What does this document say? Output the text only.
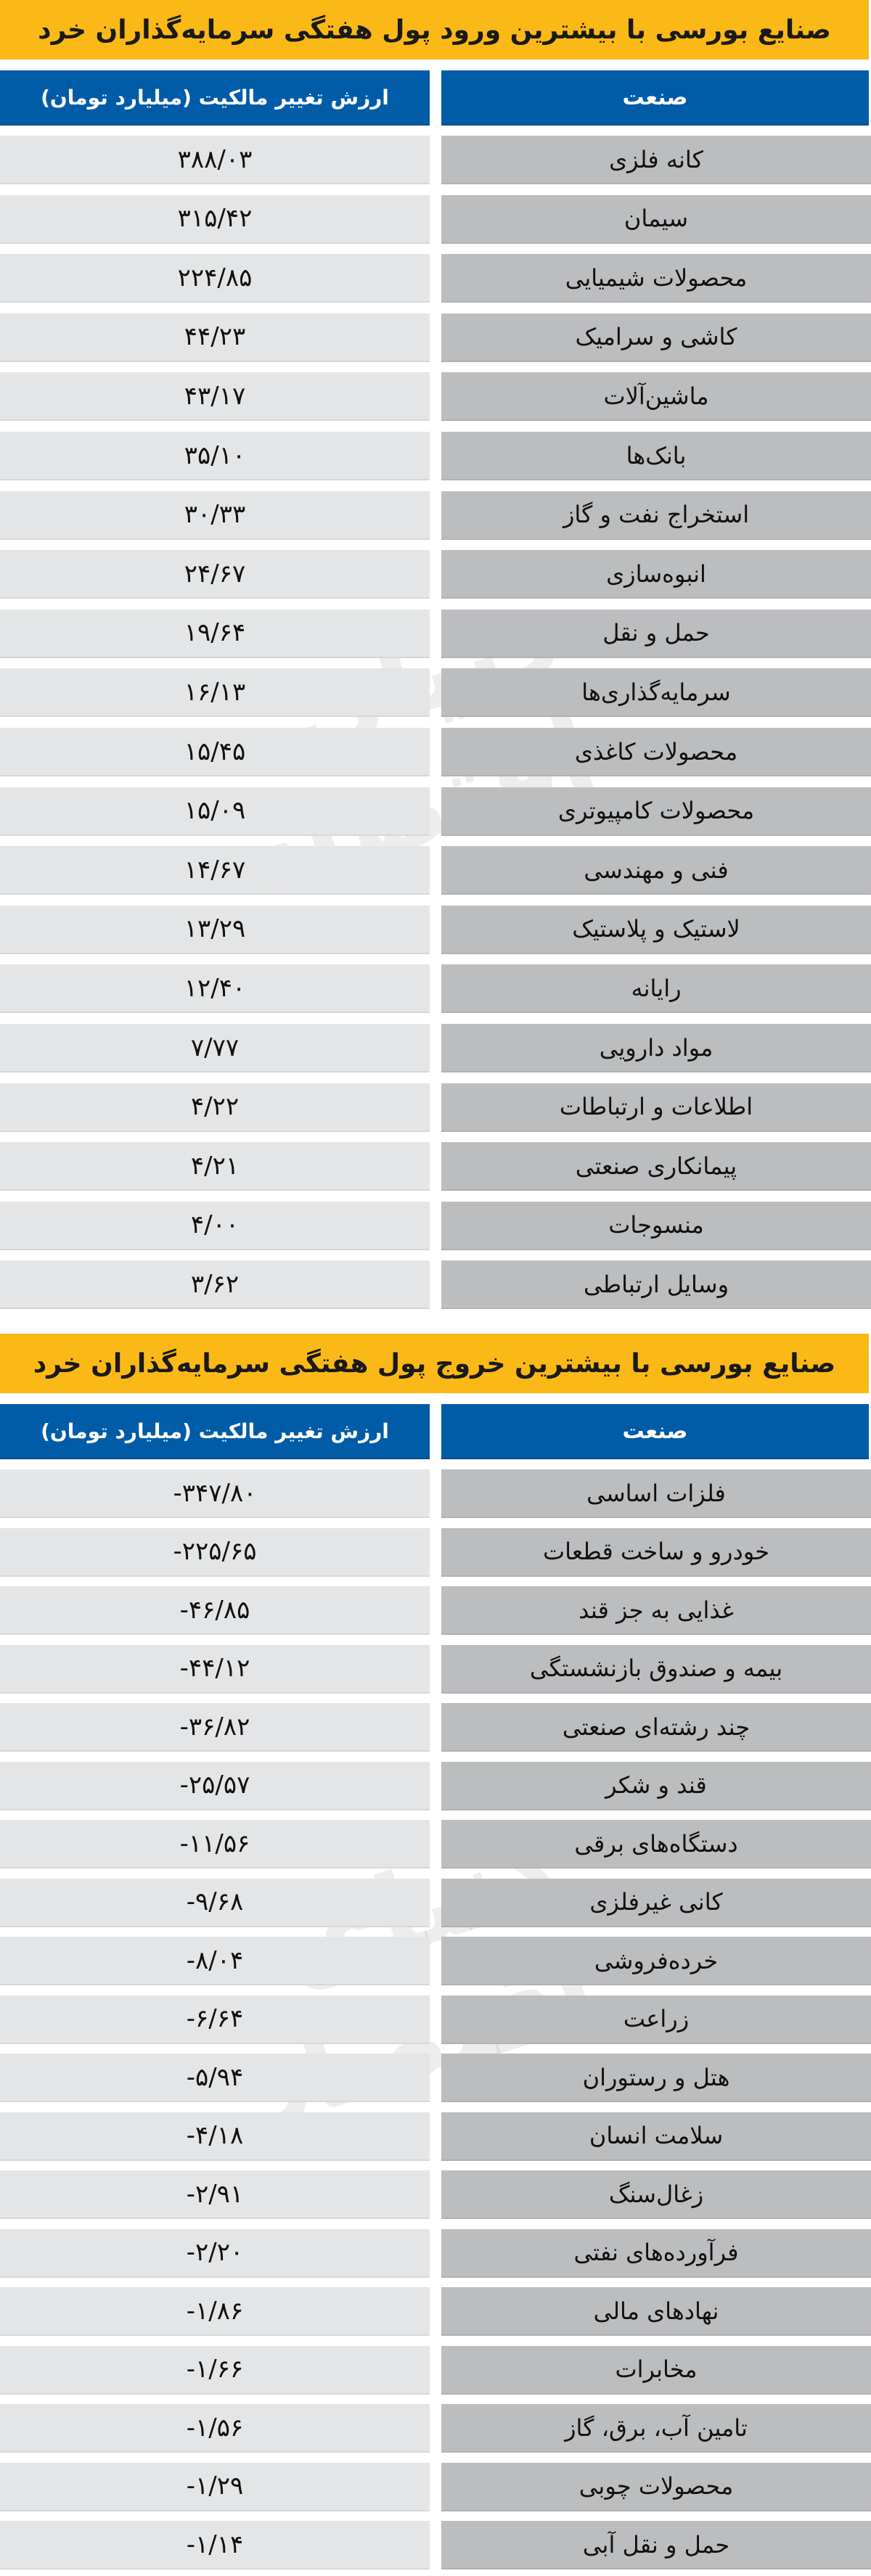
صنایع بورسی با بیشترین ورود پول هفتگی سرمایه‌گذاران خرد
صنعت
ارزش تغییر مالکیت (میلیارد تومان)
۳۸۸/۰۳	کانه فلزی
۳۱۵/۴۲	سیمان
۲۲۴/۸۵	محصولات شیمیایی
۴۴/۲۳	کاشی و سرامیک
۴۳/۱۷	ماشین‌آلات
۳۵/۱۰	بانک‌ها
۳۰/۳۳	استخراج نفت و گاز
۲۴/۶۷	انبوه‌سازی
۱۹/۶۴	حمل و نقل
۱۶/۱۳	سرمایه‌گذاری‌ها
۱۵/۴۵	محصولات کاغذی
۱۵/۰۹	محصولات کامپیوتری
۱۴/۶۷	فنی و مهندسی
۱۳/۲۹	لاستیک و پلاستیک
۱۲/۴۰	رایانه
۷/۷۷	مواد دارویی
۴/۲۲	اطلاعات و ارتباطات
۴/۲۱	پیمانکاری صنعتی
۴/۰۰	منسوجات
۳/۶۲	وسایل ارتباطی
صنایع بورسی با بیشترین خروج پول هفتگی سرمایه‌گذاران خرد
صنعت
ارزش تغییر مالکیت (میلیارد تومان)
-۳۴۷/۸۰	فلزات اساسی
-۲۲۵/۶۵	خودرو و ساخت قطعات
-۴۶/۸۵	غذایی به جز قند
-۴۴/۱۲	بیمه و صندوق بازنشستگی
-۳۶/۸۲	چند رشته‌ای صنعتی
-۲۵/۵۷	قند و شکر
-۱۱/۵۶	دستگاه‌های برقی
-۹/۶۸	کانی غیرفلزی
-۸/۰۴	خرده‌فروشی
-۶/۶۴	زراعت
-۵/۹۴	هتل و رستوران
-۴/۱۸	سلامت انسان
-۲/۹۱	زغال‌سنگ
-۲/۲۰	فرآورده‌های نفتی
-۱/۸۶	نهادهای مالی
-۱/۶۶	مخابرات
-۱/۵۶	تامین آب، برق، گاز
-۱/۲۹	محصولات چوبی
-۱/۱۴	حمل و نقل آبی
